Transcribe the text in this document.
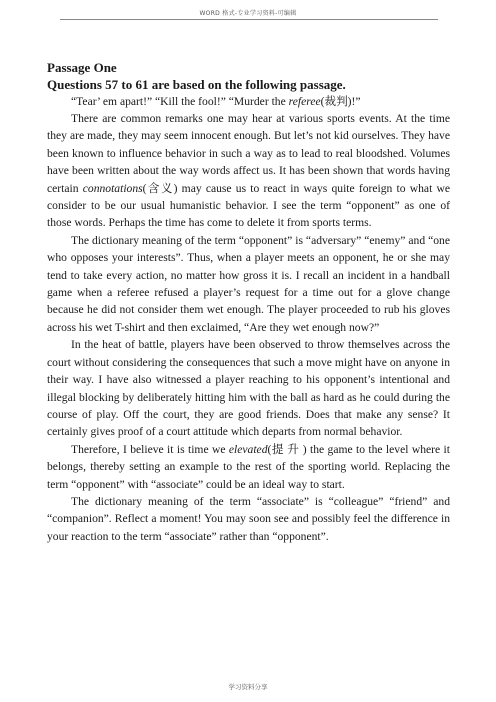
WORD 格式-专业学习资料-可编辑

Passage One

Questions 57 to 61 are based on the following passage.

“Tear’ em apart!” “Kill the fool!” “Murder the referee(裁判)!”

There are common remarks one may hear at various sports events. At the time they are made, they may seem innocent enough. But let’s not kid ourselves. They have been known to influence behavior in such a way as to lead to real bloodshed. Volumes have been written about the way words affect us. It has been shown that words having certain connotations(含义) may cause us to react in ways quite foreign to what we consider to be our usual humanistic behavior. I see the term “opponent” as one of those words. Perhaps the time has come to delete it from sports terms.

The dictionary meaning of the term “opponent” is “adversary” “enemy” and “one who opposes your interests”. Thus, when a player meets an opponent, he or she may tend to take every action, no matter how gross it is. I recall an incident in a handball game when a referee refused a player’s request for a time out for a glove change because he did not consider them wet enough. The player proceeded to rub his gloves across his wet T-shirt and then exclaimed, “Are they wet enough now?”

In the heat of battle, players have been observed to throw themselves across the court without considering the consequences that such a move might have on anyone in their way. I have also witnessed a player reaching to his opponent’s intentional and illegal blocking by deliberately hitting him with the ball as hard as he could during the course of play. Off the court, they are good friends. Does that make any sense? It certainly gives proof of a court attitude which departs from normal behavior.

Therefore, I believe it is time we elevated(提 升 ) the game to the level where it belongs, thereby setting an example to the rest of the sporting world. Replacing the term “opponent” with “associate” could be an ideal way to start.

The dictionary meaning of the term “associate” is “colleague” “friend” and “companion”. Reflect a moment! You may soon see and possibly feel the difference in your reaction to the term “associate” rather than “opponent”.

学习资料分享
